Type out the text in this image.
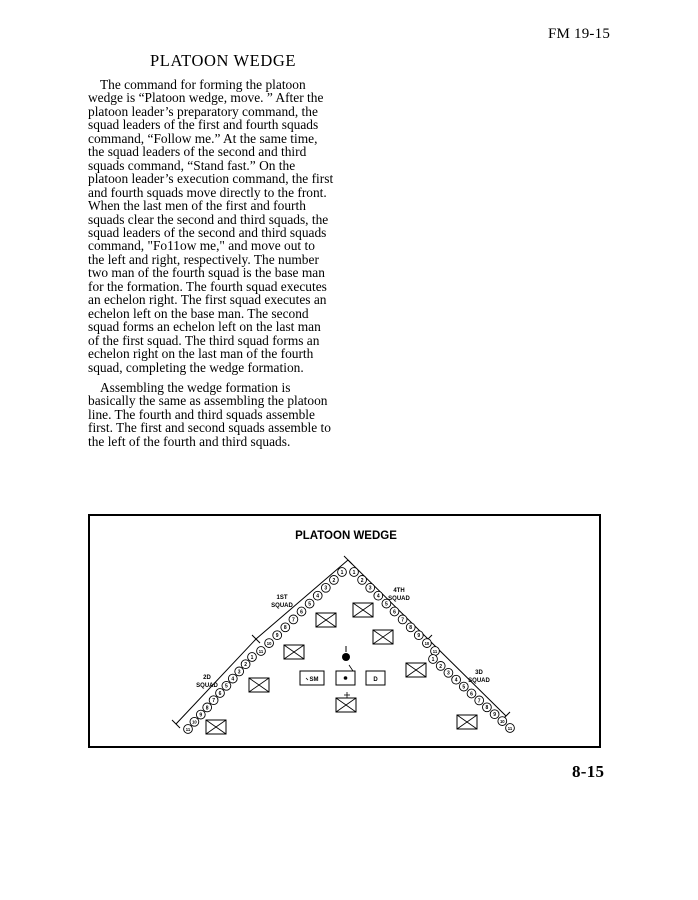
FM 19-15
PLATOON WEDGE

The command for forming the platoon wedge is “Platoon wedge, move. ” After the platoon leader’s preparatory command, the squad leaders of the first and fourth squads command, “Follow me.” At the same time, the squad leaders of the second and third squads command, “Stand fast.” On the platoon leader’s execution command, the first and fourth squads move directly to the front. When the last men of the first and fourth squads clear the second and third squads, the squad leaders of the second and third squads command, "Fo11ow me," and move out to the left and right, respectively. The number two man of the fourth squad is the base man for the formation. The fourth squad executes an echelon right. The first squad executes an echelon left on the base man. The second squad forms an echelon left on the last man of the first squad. The third squad forms an echelon right on the last man of the fourth squad, completing the wedge formation.

Assembling the wedge formation is basically the same as assembling the platoon line. The fourth and third squads assemble first. The first and second squads assemble to the left of the fourth and third squads.

PLATOON WEDGE
1
2
3
4
5
6
7
8
9
10
11
1
2
3
4
5
6
7
8
9
10
11
1
2
3
4
5
6
7
8
9
10
11
1
2
3
4
5
6
7
8
9
10
11
1ST
SQUAD
4TH
SQUAD
2D
SQUAD
3D
SQUAD
SM	D
8-15
